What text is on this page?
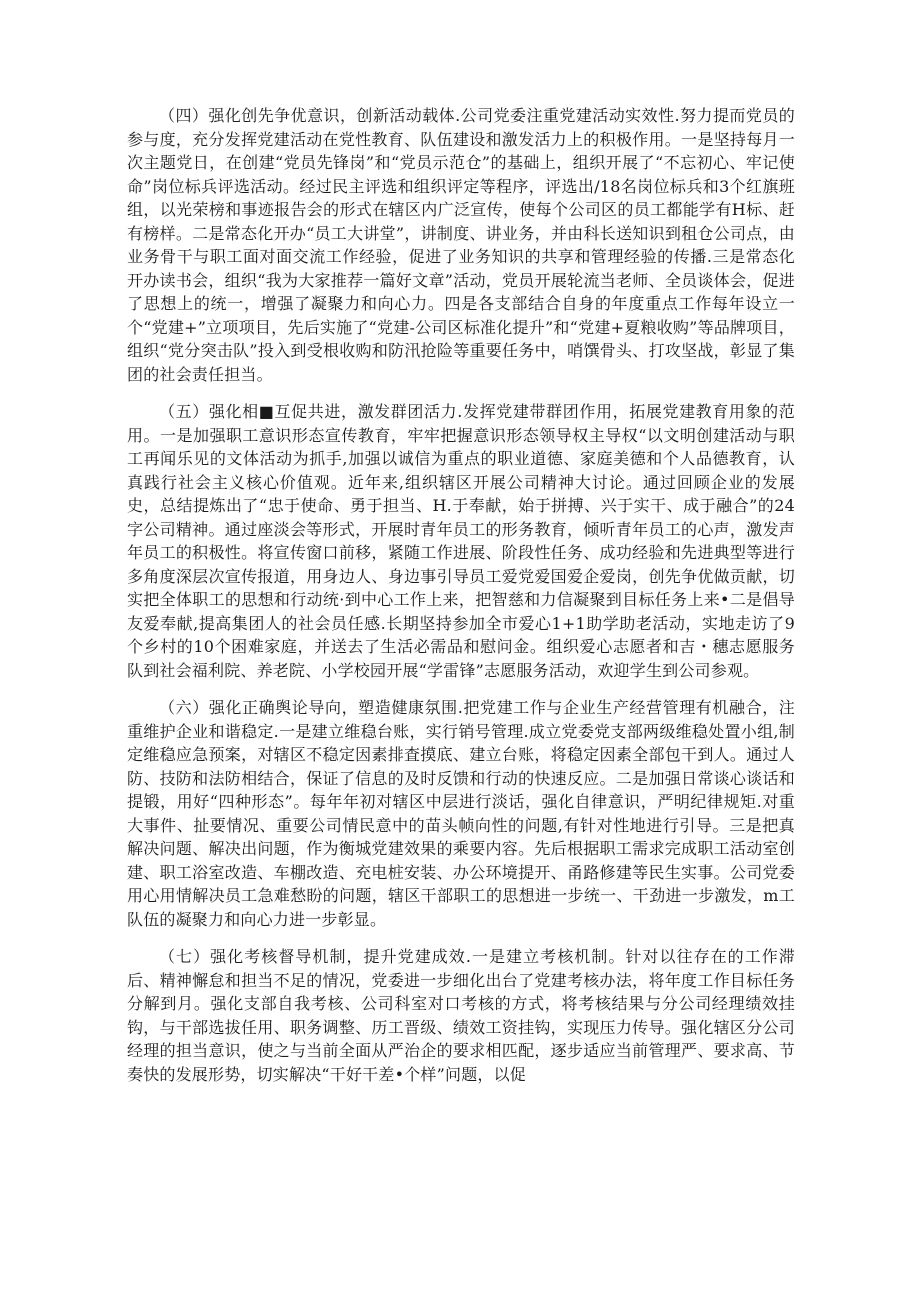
（四）强化创先争优意识，创新活动载体.公司党委注重党建活动实效性.努力提而党员的参与度，充分发挥党建活动在党性教育、队伍建设和激发活力上的积极作用。一是坚持每月一次主题党日，在创建“党员先锋岗”和“党员示范仓”的基础上，组织开展了“不忘初心、牢记使命”岗位标兵评选活动。经过民主评选和组织评定等程序，评选出/18名岗位标兵和3个红旗班组，以光荣榜和事迹报告会的形式在辖区内广泛宣传，使每个公司区的员工都能学有H标、赶有榜样。二是常态化开办“员工大讲堂”，讲制度、讲业务，并由科长送知识到租仓公司点，由业务骨干与职工面对面交流工作经验，促进了业务知识的共享和管理经验的传播.三是常态化开办读书会，组织“我为大家推荐一篇好文章”活动，党员开展轮流当老师、全员谈体会，促进了思想上的统一，增强了凝聚力和向心力。四是各支部结合自身的年度重点工作每年设立一个“党建+”立项项目，先后实施了“党建-公司区标准化提升”和“党建+夏粮收购”等品牌项目，组织“党分突击队”投入到受根收购和防汛抢险等重要任务中，哨馔骨头、打攻坚战，彰显了集团的社会责任担当。

（五）强化相■互促共进，激发群团活力.发挥党建带群团作用，拓展党建教育用象的范用。一是加强职工意识形态宣传教育，牢牢把握意识形态领导权主导权“以文明创建活动与职工再闻乐见的文体活动为抓手,加强以诚信为重点的职业道德、家庭美德和个人品德教育，认真践行社会主义核心价值观。近年来,组织辖区开展公司精神大讨论。通过回顾企业的发展史，总结提炼出了“忠于使命、勇于担当、H.于奉献，始于拼搏、兴于实干、成于融合”的24字公司精神。通过座淡会等形式，开展时青年员工的形务教育，倾听青年员工的心声，激发声年员工的积极性。将宣传窗口前移，紧随工作进展、阶段性任务、成功经验和先进典型等进行多角度深层次宣传报道，用身边人、身边事引导员工爱党爱国爱企爱岗，创先争优做贡献，切实把全体职工的思想和行动统·到中心工作上来，把智慈和力信凝聚到目标任务上来•二是倡导友爱奉献,提高集团人的社会员任感.长期坚持参加全市爱心1+1助学助老活动，实地走访了9个乡村的10个困难家庭，并送去了生活必需品和慰问金。组织爱心志愿者和吉・穗志愿服务队到社会福利院、养老院、小学校园开展“学雷锋”志愿服务活动，欢迎学生到公司参观。

（六）强化正确舆论导向，塑造健康氛围.把党建工作与企业生产经营管理有机融合，注重维护企业和谐稳定.一是建立维稳台账，实行销号管理.成立党委党支部两级维稳处置小组,制定维稳应急预案，对辖区不稳定因素排査摸底、建立台账，将稳定因素全部包干到人。通过人防、技防和法防相结合，保证了信息的及时反馈和行动的快速反应。二是加强日常谈心谈话和提锻，用好“四种形态”。每年年初对辖区中层进行淡话，强化自律意识，严明纪律规矩.对重大事件、扯要情况、重要公司情民意中的苗头帧向性的问题,有针对性地进行引导。三是把真解决问题、解决出问题，作为衡城党建效果的乘要内容。先后根据职工需求完成职工活动室创建、职工浴室改造、车棚改造、充电桩安装、办公环境提开、甬路修建等民生实事。公司党委用心用情解决员工急难愁盼的问题，辖区干部职工的思想进一步统一、干劲进一步激发，m工队伍的凝聚力和向心力进一步彰显。

（七）强化考核督导机制，提升党建成效.一是建立考核机制。针对以往存在的工作滞后、精神懈怠和担当不足的情况，党委进一步细化出台了党建考核办法，将年度工作目标任务分解到月。强化支部自我考核、公司科室对口考核的方式，将考核结果与分公司经理绩效挂钩，与干部选拔任用、职务调整、历工晋级、绩效工资挂钩，实现压力传导。强化辖区分公司经理的担当意识，使之与当前全面从严治企的要求相匹配，逐步适应当前管理严、要求高、节奏快的发展形势，切实解决“干好干差•个样”问题，以促
